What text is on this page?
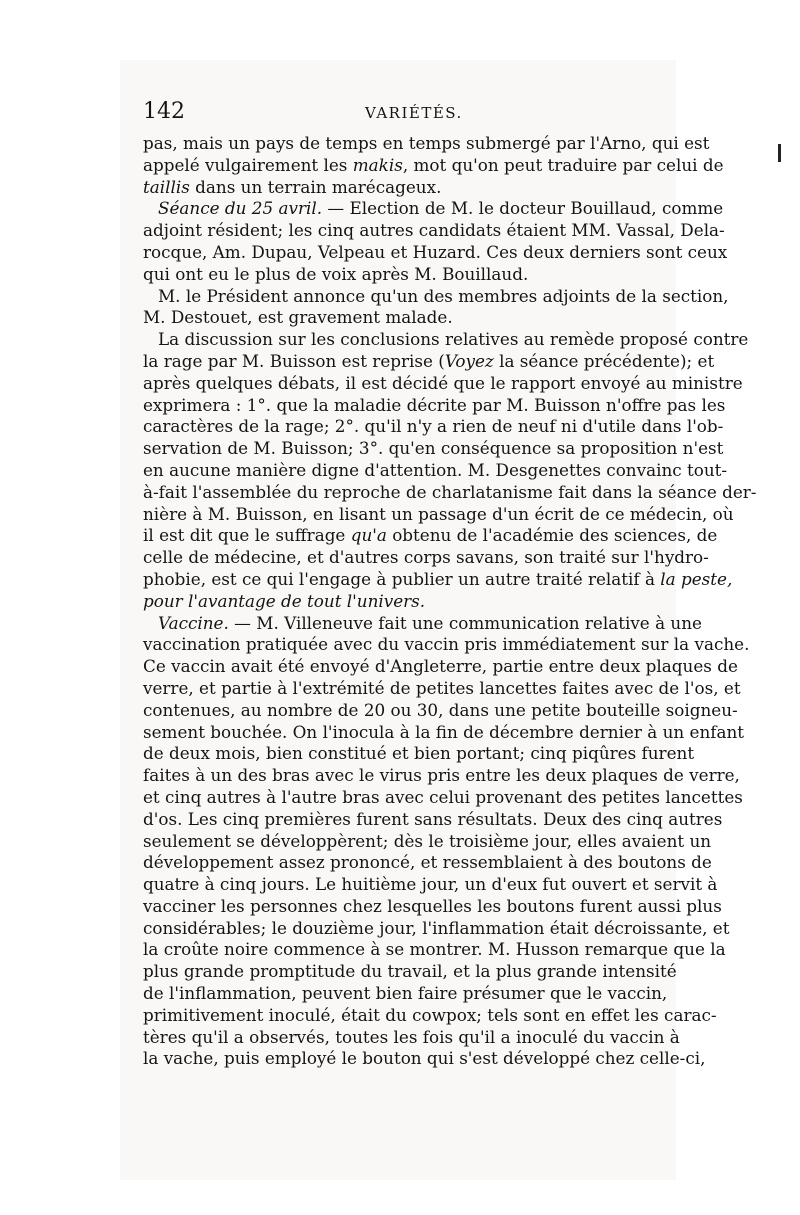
142	VARIÉTÉS.
pas, mais un pays de temps en temps submergé par l'Arno, qui est
appelé vulgairement les makis, mot qu'on peut traduire par celui de
taillis dans un terrain marécageux.
Séance du 25 avril. — Election de M. le docteur Bouillaud, comme
adjoint résident; les cinq autres candidats étaient MM. Vassal, Dela-
rocque, Am. Dupau, Velpeau et Huzard. Ces deux derniers sont ceux
qui ont eu le plus de voix après M. Bouillaud.
M. le Président annonce qu'un des membres adjoints de la section,
M. Destouet, est gravement malade.
La discussion sur les conclusions relatives au remède proposé contre
la rage par M. Buisson est reprise (Voyez la séance précédente); et
après quelques débats, il est décidé que le rapport envoyé au ministre
exprimera : 1°. que la maladie décrite par M. Buisson n'offre pas les
caractères de la rage; 2°. qu'il n'y a rien de neuf ni d'utile dans l'ob-
servation de M. Buisson; 3°. qu'en conséquence sa proposition n'est
en aucune manière digne d'attention. M. Desgenettes convainc tout-
à-fait l'assemblée du reproche de charlatanisme fait dans la séance der-
nière à M. Buisson, en lisant un passage d'un écrit de ce médecin, où
il est dit que le suffrage qu'a obtenu de l'académie des sciences, de
celle de médecine, et d'autres corps savans, son traité sur l'hydro-
phobie, est ce qui l'engage à publier un autre traité relatif à la peste,
pour l'avantage de tout l'univers.
Vaccine. — M. Villeneuve fait une communication relative à une
vaccination pratiquée avec du vaccin pris immédiatement sur la vache.
Ce vaccin avait été envoyé d'Angleterre, partie entre deux plaques de
verre, et partie à l'extrémité de petites lancettes faites avec de l'os, et
contenues, au nombre de 20 ou 30, dans une petite bouteille soigneu-
sement bouchée. On l'inocula à la fin de décembre dernier à un enfant
de deux mois, bien constitué et bien portant; cinq piqûres furent
faites à un des bras avec le virus pris entre les deux plaques de verre,
et cinq autres à l'autre bras avec celui provenant des petites lancettes
d'os. Les cinq premières furent sans résultats. Deux des cinq autres
seulement se développèrent; dès le troisième jour, elles avaient un
développement assez prononcé, et ressemblaient à des boutons de
quatre à cinq jours. Le huitième jour, un d'eux fut ouvert et servit à
vacciner les personnes chez lesquelles les boutons furent aussi plus
considérables; le douzième jour, l'inflammation était décroissante, et
la croûte noire commence à se montrer. M. Husson remarque que la
plus grande promptitude du travail, et la plus grande intensité
de l'inflammation, peuvent bien faire présumer que le vaccin,
primitivement inoculé, était du cowpox; tels sont en effet les carac-
tères qu'il a observés, toutes les fois qu'il a inoculé du vaccin à
la vache, puis employé le bouton qui s'est développé chez celle-ci,
